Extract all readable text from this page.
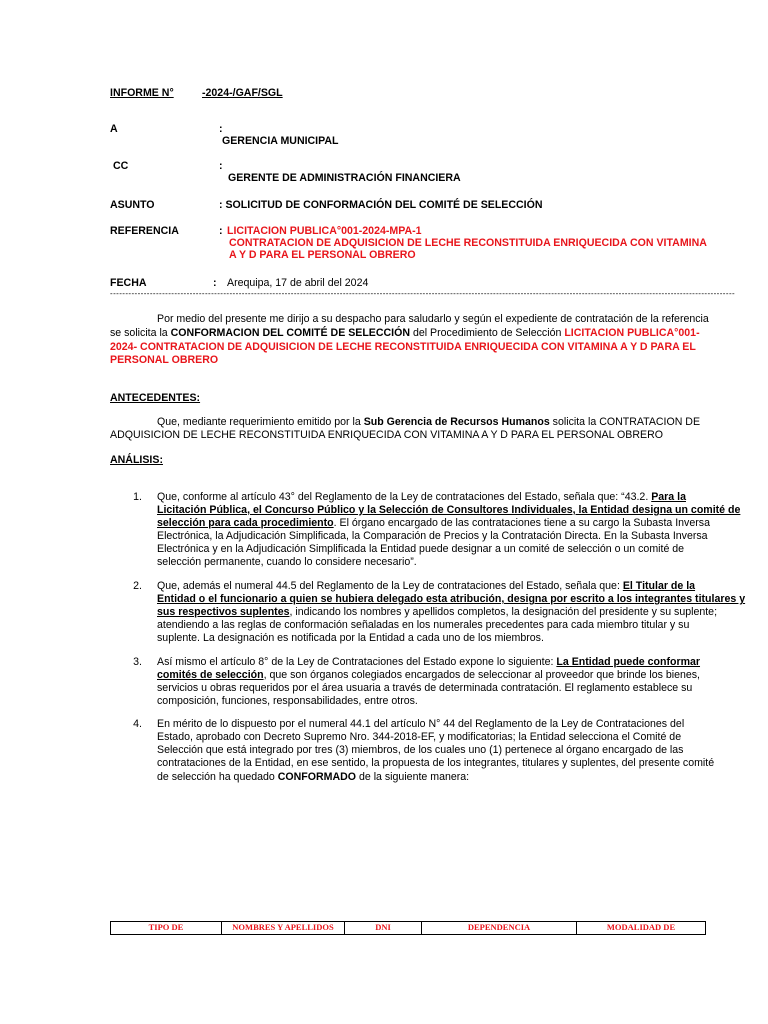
INFORME N°	-2024-/GAF/SGL
A	:
GERENCIA MUNICIPAL
CC	:
GERENTE DE ADMINISTRACIÓN FINANCIERA
ASUNTO	: SOLICITUD DE CONFORMACIÓN DEL COMITÉ DE SELECCIÓN
REFERENCIA	: LICITACION PUBLICA°001-2024-MPA-1
CONTRATACION DE ADQUISICION DE LECHE RECONSTITUIDA ENRIQUECIDA CON VITAMINA
A Y D PARA EL PERSONAL OBRERO
FECHA	: Arequipa, 17 de abril del 2024
------------------------------------------------------------------------------------------------------------------------------------------------------------------------------------------------------------
Por medio del presente me dirijo a su despacho para saludarlo y según el expediente de contratación de la referencia
se solicita la CONFORMACION DEL COMITÉ DE SELECCIÓN del Procedimiento de Selección LICITACION PUBLICA°001-
2024- CONTRATACION DE ADQUISICION DE LECHE RECONSTITUIDA ENRIQUECIDA CON VITAMINA A Y D PARA EL
PERSONAL OBRERO
ANTECEDENTES:
Que, mediante requerimiento emitido por la Sub Gerencia de Recursos Humanos solicita la CONTRATACION DE
ADQUISICION DE LECHE RECONSTITUIDA ENRIQUECIDA CON VITAMINA A Y D PARA EL PERSONAL OBRERO
ANÁLISIS:
1. Que, conforme al artículo 43° del Reglamento de la Ley de contrataciones del Estado, señala que: “43.2. Para la
Licitación Pública, el Concurso Público y la Selección de Consultores Individuales, la Entidad designa un comité de
selección para cada procedimiento. El órgano encargado de las contrataciones tiene a su cargo la Subasta Inversa
Electrónica, la Adjudicación Simplificada, la Comparación de Precios y la Contratación Directa. En la Subasta Inversa
Electrónica y en la Adjudicación Simplificada la Entidad puede designar a un comité de selección o un comité de
selección permanente, cuando lo considere necesario”.
2. Que, además el numeral 44.5 del Reglamento de la Ley de contrataciones del Estado, señala que: El Titular de la
Entidad o el funcionario a quien se hubiera delegado esta atribución, designa por escrito a los integrantes titulares y
sus respectivos suplentes, indicando los nombres y apellidos completos, la designación del presidente y su suplente;
atendiendo a las reglas de conformación señaladas en los numerales precedentes para cada miembro titular y su
suplente. La designación es notificada por la Entidad a cada uno de los miembros.
3. Así mismo el artículo 8° de la Ley de Contrataciones del Estado expone lo siguiente: La Entidad puede conformar
comités de selección, que son órganos colegiados encargados de seleccionar al proveedor que brinde los bienes,
servicios u obras requeridos por el área usuaria a través de determinada contratación. El reglamento establece su
composición, funciones, responsabilidades, entre otros.
4. En mérito de lo dispuesto por el numeral 44.1 del artículo N° 44 del Reglamento de la Ley de Contrataciones del
Estado, aprobado con Decreto Supremo Nro. 344-2018-EF, y modificatorias; la Entidad selecciona el Comité de
Selección que está integrado por tres (3) miembros, de los cuales uno (1) pertenece al órgano encargado de las
contrataciones de la Entidad, en ese sentido, la propuesta de los integrantes, titulares y suplentes, del presente comité
de selección ha quedado CONFORMADO de la siguiente manera:
TIPO DE	NOMBRES Y APELLIDOS	DNI	DEPENDENCIA	MODALIDAD DE
